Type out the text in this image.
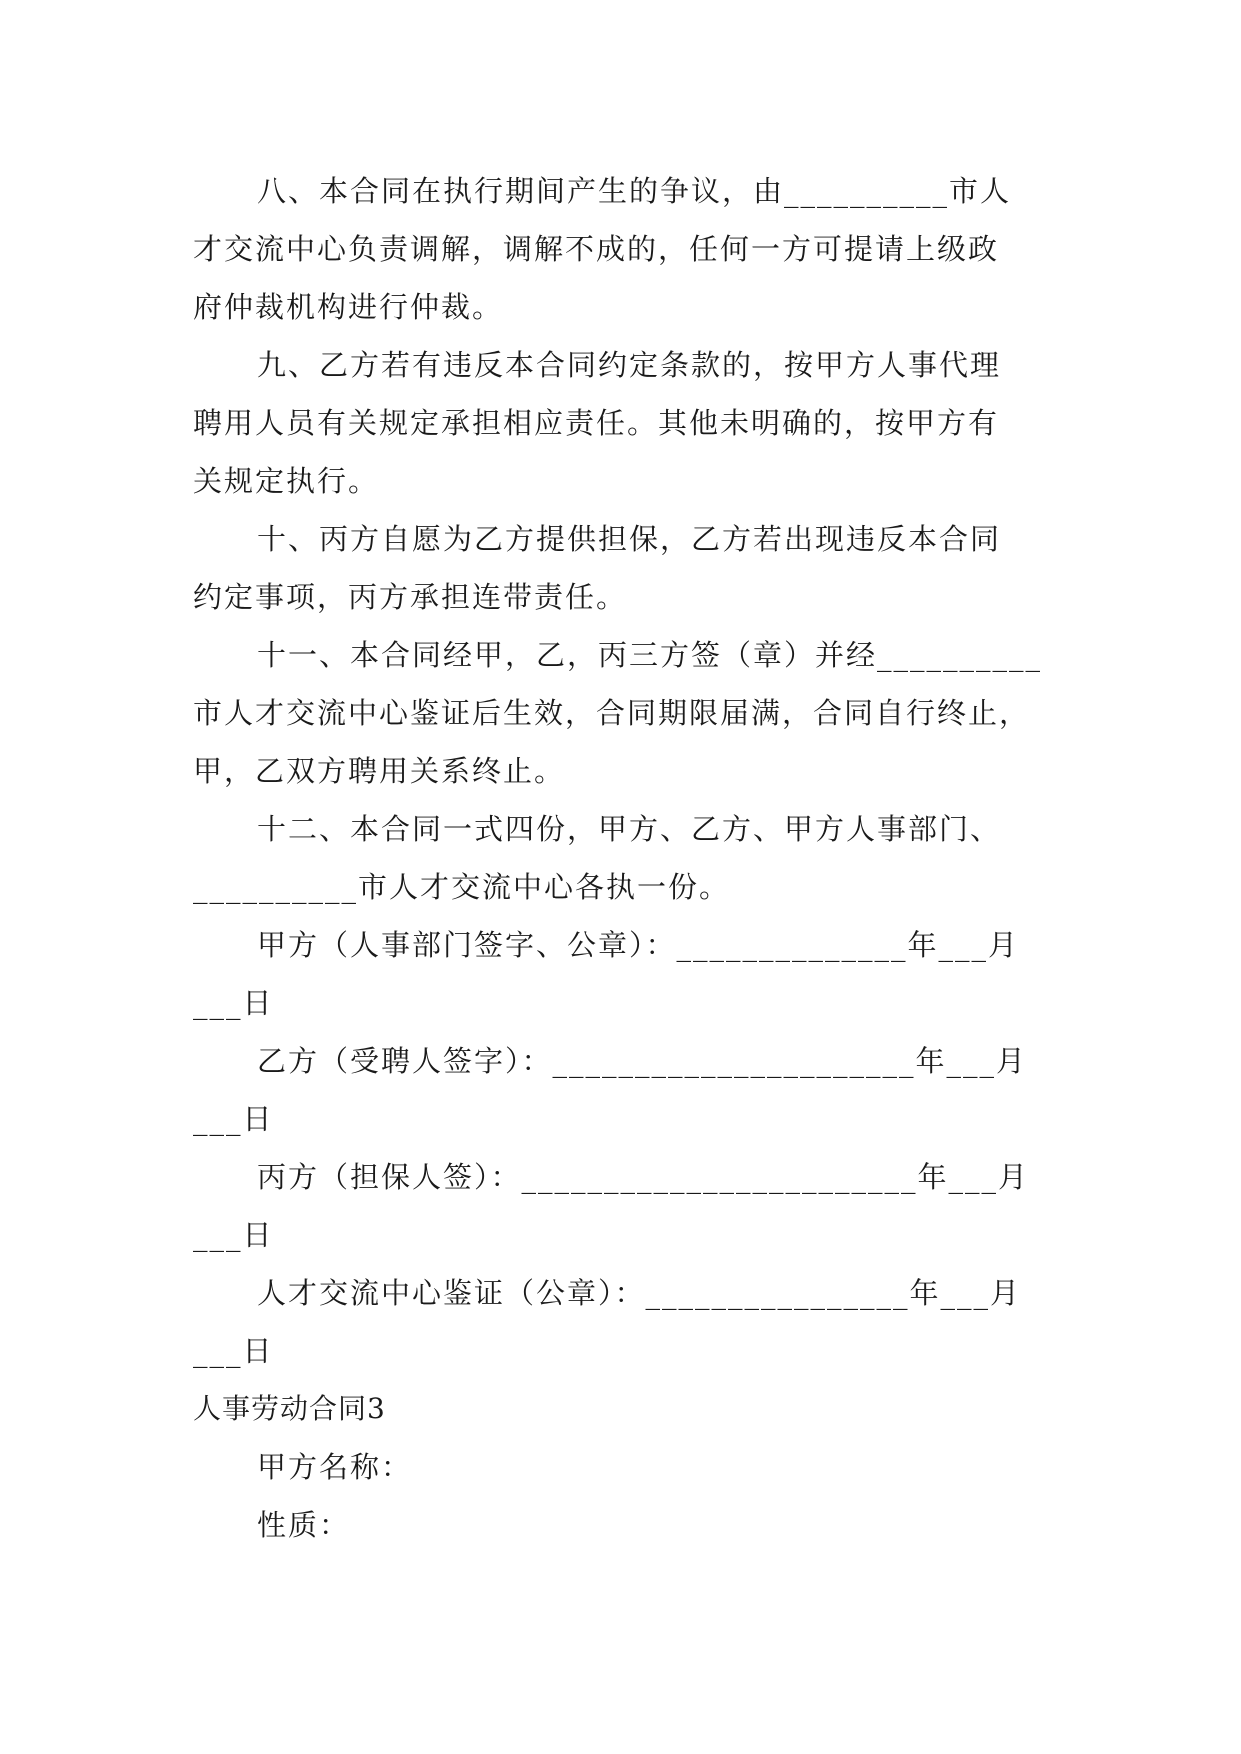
八、本合同在执行期间产生的争议，由__________市人
才交流中心负责调解，调解不成的，任何一方可提请上级政
府仲裁机构进行仲裁。
九、乙方若有违反本合同约定条款的，按甲方人事代理
聘用人员有关规定承担相应责任。其他未明确的，按甲方有
关规定执行。
十、丙方自愿为乙方提供担保，乙方若出现违反本合同
约定事项，丙方承担连带责任。
十一、本合同经甲，乙，丙三方签（章）并经__________
市人才交流中心鉴证后生效，合同期限届满，合同自行终止，
甲，乙双方聘用关系终止。
十二、本合同一式四份，甲方、乙方、甲方人事部门、
__________市人才交流中心各执一份。
甲方（人事部门签字、公章）：______________年___月
___日
乙方（受聘人签字）：______________________年___月
___日
丙方（担保人签）：________________________年___月
___日
人才交流中心鉴证（公章）：________________年___月
___日
人事劳动合同3
甲方名称：
性质：
